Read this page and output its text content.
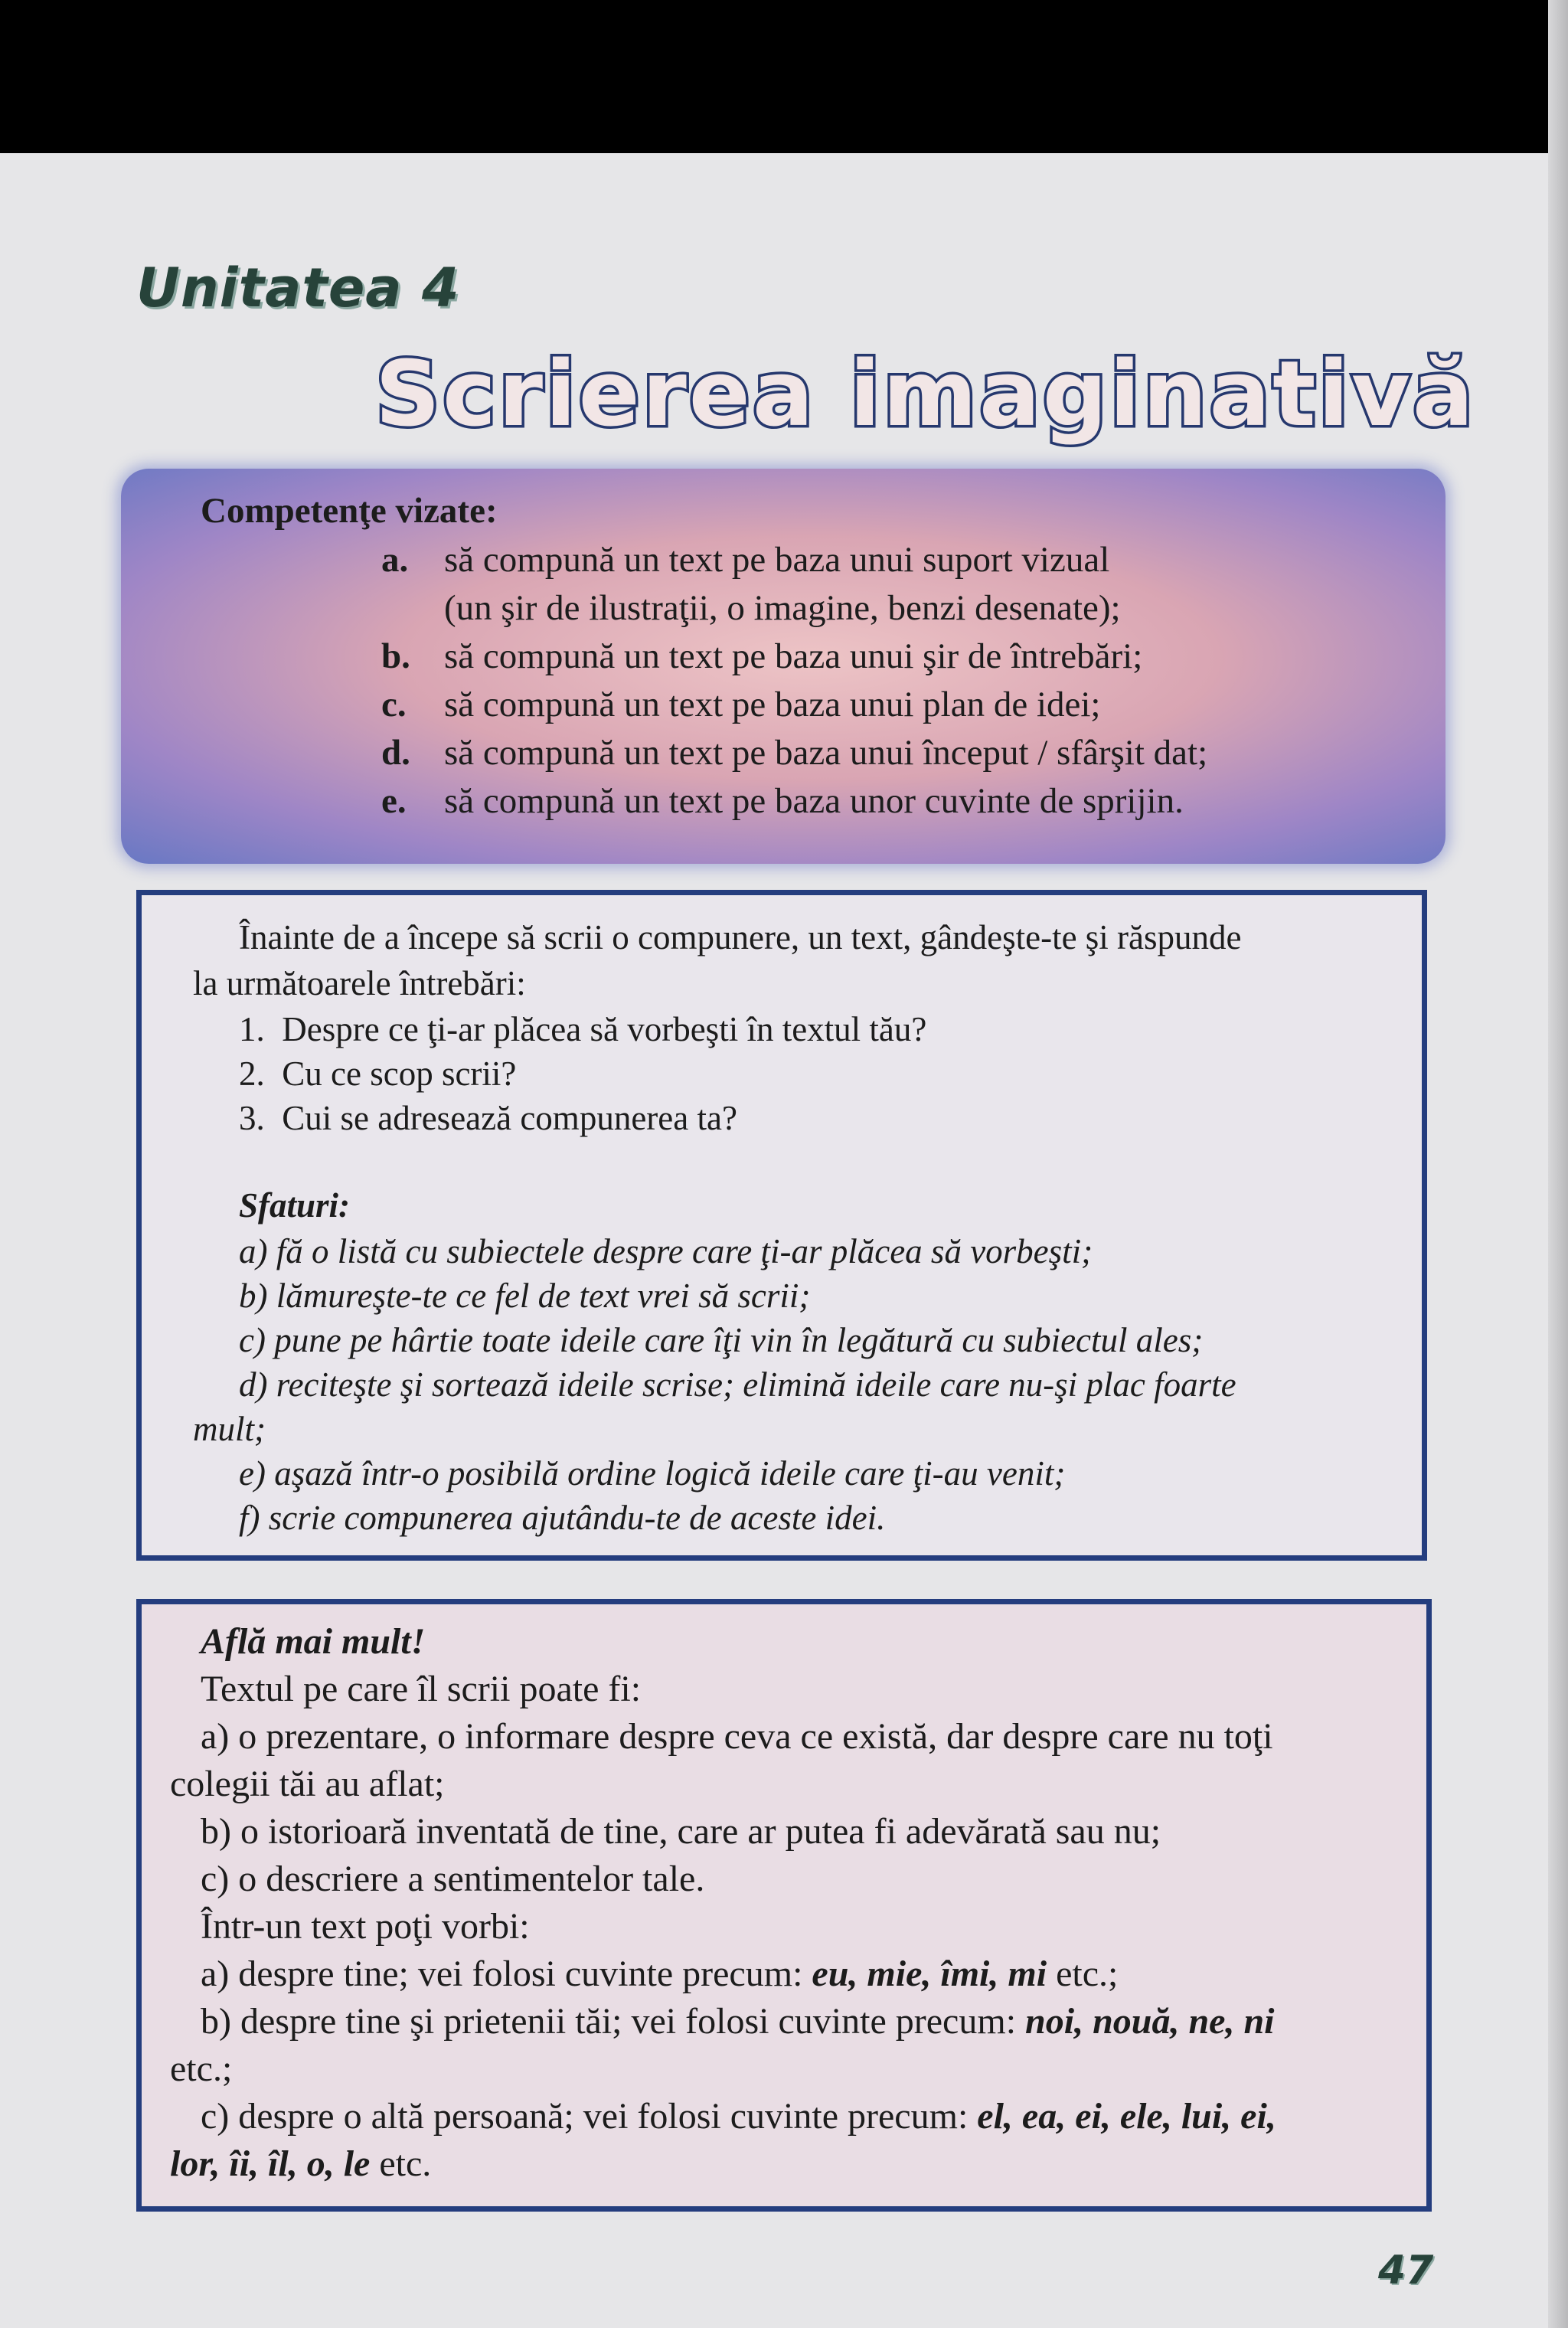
Unitatea 4
Scrierea imaginativă
Competenţe vizate:
a. să compună un text pe baza unui suport vizual
(un şir de ilustraţii, o imagine, benzi desenate);
b. să compună un text pe baza unui şir de întrebări;
c. să compună un text pe baza unui plan de idei;
d. să compună un text pe baza unui început / sfârşit dat;
e. să compună un text pe baza unor cuvinte de sprijin.

Înainte de a începe să scrii o compunere, un text, gândeşte-te şi răspunde

la următoarele întrebări:

1. Despre ce ţi-ar plăcea să vorbeşti în textul tău?

2. Cu ce scop scrii?

3. Cui se adresează compunerea ta?

Sfaturi:

a) fă o listă cu subiectele despre care ţi-ar plăcea să vorbeşti;

b) lămureşte-te ce fel de text vrei să scrii;

c) pune pe hârtie toate ideile care îţi vin în legătură cu subiectul ales;

d) reciteşte şi sortează ideile scrise; elimină ideile care nu-şi plac foarte

mult;

e) aşază într-o posibilă ordine logică ideile care ţi-au venit;

f) scrie compunerea ajutându-te de aceste idei.

Află mai mult!

Textul pe care îl scrii poate fi:

a) o prezentare, o informare despre ceva ce există, dar despre care nu toţi

colegii tăi au aflat;

b) o istorioară inventată de tine, care ar putea fi adevărată sau nu;

c) o descriere a sentimentelor tale.

Într-un text poţi vorbi:

a) despre tine; vei folosi cuvinte precum: eu, mie, îmi, mi etc.;

b) despre tine şi prietenii tăi; vei folosi cuvinte precum: noi, nouă, ne, ni

etc.;

c) despre o altă persoană; vei folosi cuvinte precum: el, ea, ei, ele, lui, ei,

lor, îi, îl, o, le etc.

47
